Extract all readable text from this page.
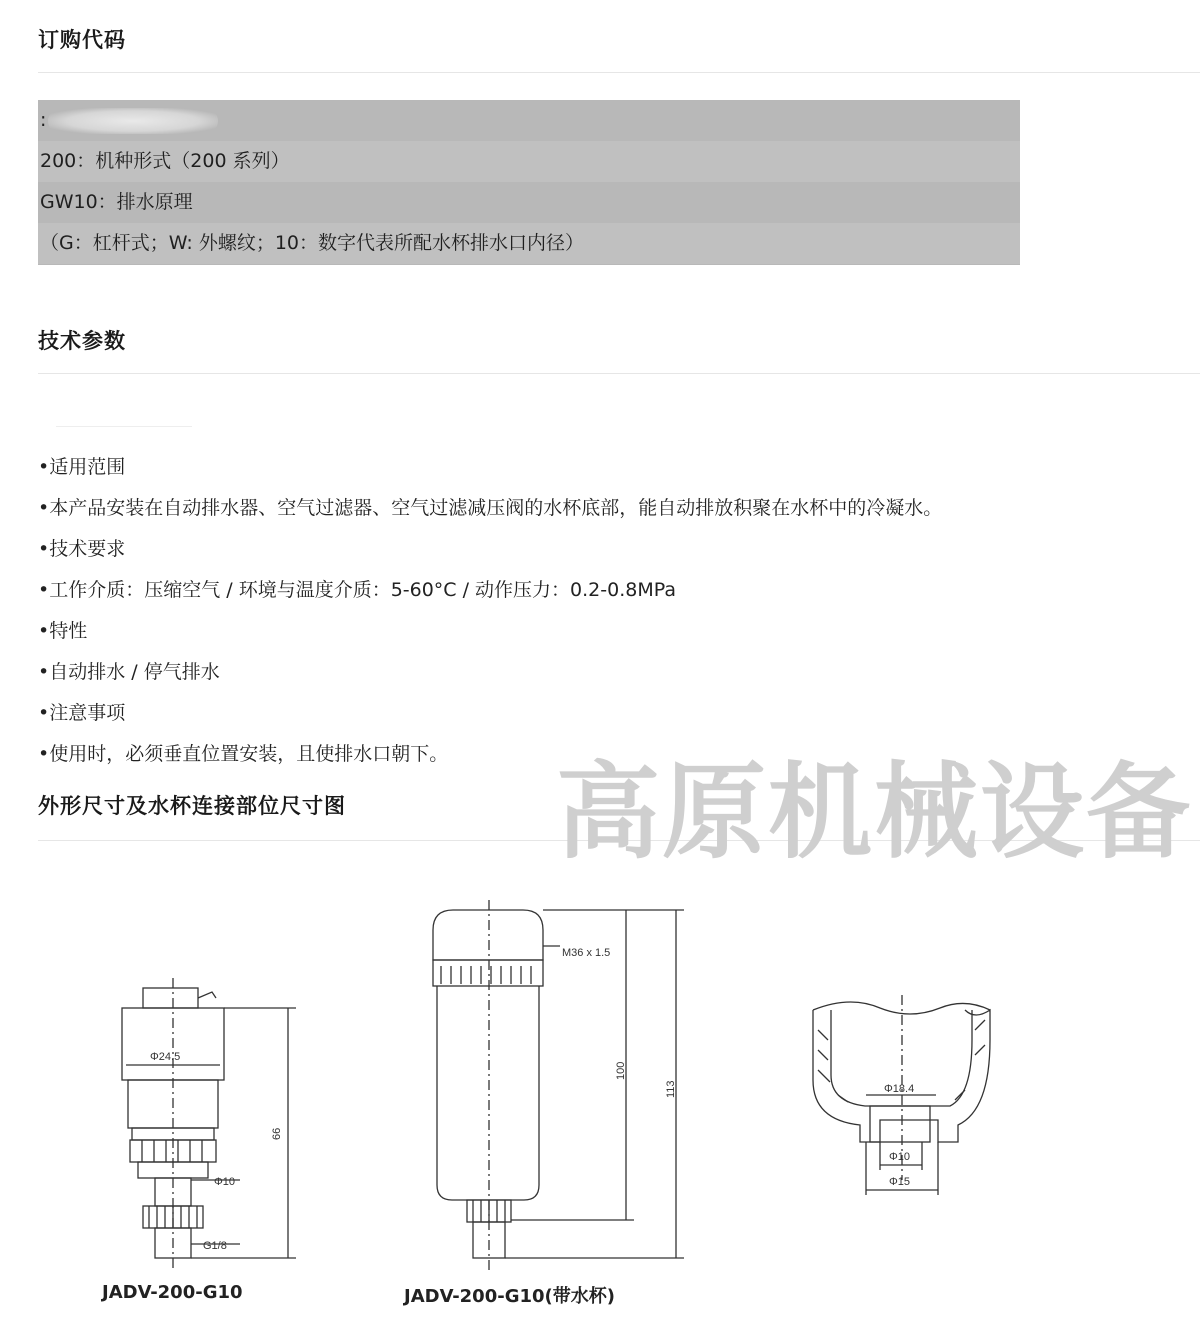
订购代码
:
200：机种形式（200 系列）
GW10：排水原理
（G：杠杆式；W: 外螺纹；10：数字代表所配水杯排水口内径）
技术参数
•适用范围
•本产品安装在自动排水器、空气过滤器、空气过滤减压阀的水杯底部，能自动排放积聚在水杯中的冷凝水。
•技术要求
•工作介质：压缩空气 / 环境与温度介质：5-60°C / 动作压力：0.2-0.8MPa
•特性
•自动排水 / 停气排水
•注意事项
•使用时，必须垂直位置安装，且使排水口朝下。
外形尺寸及水杯连接部位尺寸图 高原机械设备
Φ24.5
66
Φ10
G1/8
M36 x 1.5
100
113	Φ18.4
Φ10
Φ15
JADV-200-G10	JADV-200-G10(带水杯)
